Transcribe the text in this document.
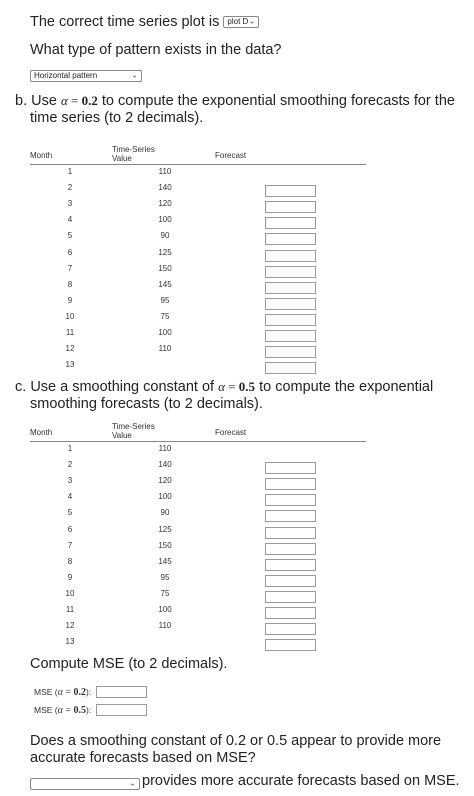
The correct time series plot is plot D ⌄
What type of pattern exists in the data?
Horizontal pattern	⌄
b. Use α = 0.2 to compute the exponential smoothing forecasts for the
time series (to 2 decimals).
Month
Time-Series
Value	Forecast
1	110
2	140
3	120
4	100
5	90
6	125
7	150
8	145
9	95
10	75
11	100
12	110
13
c. Use a smoothing constant of α = 0.5 to compute the exponential
smoothing forecasts (to 2 decimals).
Month
Time-Series
Value	Forecast
1	110
2	140
3	120
4	100
5	90
6	125
7	150
8	145
9	95
10	75
11	100
12	110
13
Compute MSE (to 2 decimals).
MSE (α = 0.2):
MSE (α = 0.5):
Does a smoothing constant of 0.2 or 0.5 appear to provide more
accurate forecasts based on MSE?
⌄ provides more accurate forecasts based on MSE.
